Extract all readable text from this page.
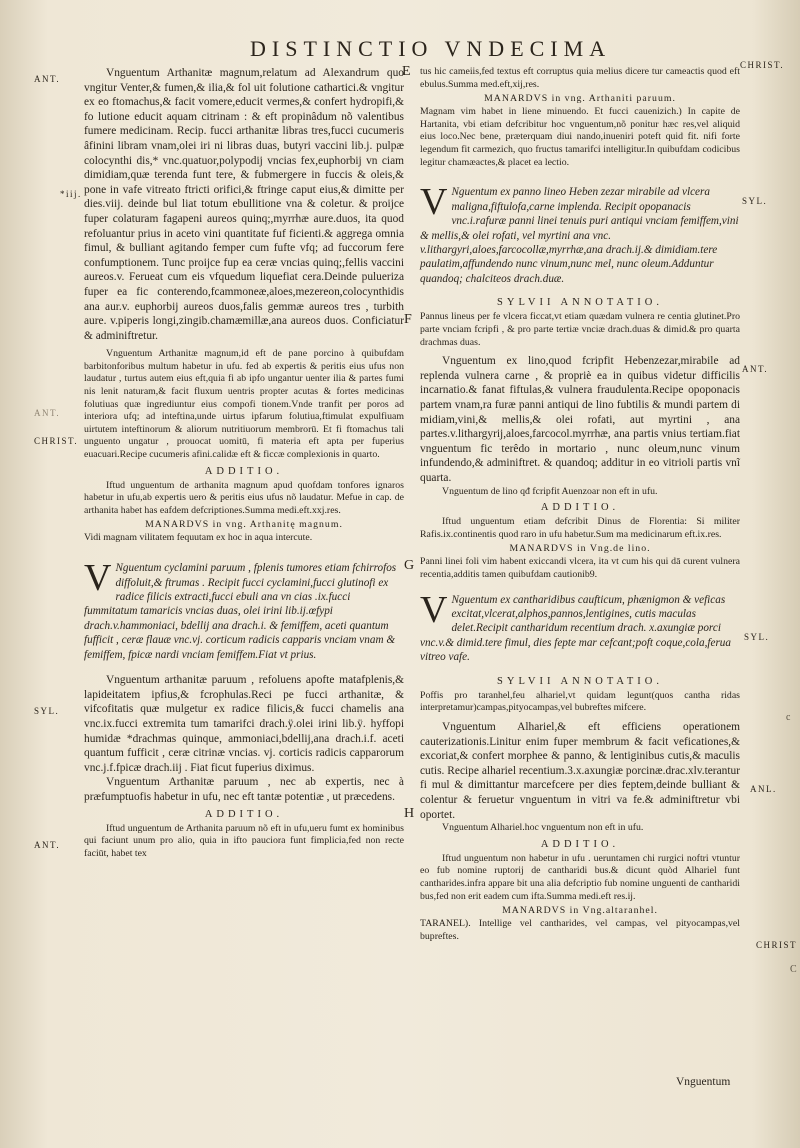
DISTINCTIO VNDECIMA
ANT.
*iij.
ANT.
CHRIST.
SYL.
ANT.
CHRIST.
SYL.
ANT.
SYL.
ANL.
CHRIST
E
F
G
H
c
C

Vnguentum Arthanitæ magnum,relatum ad Alexandrum quo vngitur Venter,& fumen,& ilia,& fol uit folutione cathartici.& vngitur ex eo ftomachus,& facit vomere,educit vermes,& confert hydropifi,& fo lutione educit aquam citrinam : & eft propinâdum nõ valentibus fumere medicinam. Recip. fucci arthanitæ libras tres,fucci cucumeris âfinini libram vnam,olei iri ni libras duas, butyri vaccini lib.j. pulpæ colocynthi dis,* vnc.quatuor,polypodij vncias fex,euphorbij vn ciam dimidiam,quæ terenda funt tere, & fubmergere in fuccis & oleis,& pone in vafe vitreato ftricti orifici,& ftringe caput eius,& dimitte per dies.viij. deinde bul liat totum ebullitione vna & coletur. & proijce fuper colaturam fagapeni aureos quinq;,myrrhæ aure.duos, ita quod refoluantur prius in aceto vini quantitate fuf ficienti.& aggrega omnia fimul, & bulliant agitando femper cum fufte vfq; ad fuccorum fere confumptionem. Tunc proijce fup ea ceræ vncias quinq;,fellis vaccini aureos.v. Ferueat cum eis vfquedum liquefiat cera.Deinde pulueriza fuper ea fic conterendo,fcammoneæ,aloes,mezereon,colocynthidis ana aur.v. euphorbij aureos duos,falis gemmæ aureos tres , turbith aure. v.piperis longi,zingib.chamæmillæ,ana aureos duos. Conficiatur & adminiftretur.

Vnguentum Arthanitæ magnum,id eft de pane porcino à quibufdam barbitonforibus multum habetur in ufu. fed ab expertis & peritis eius ufus non laudatur , turtus autem eius eft,quia fi ab ipfo ungantur uenter ilia & partes fumi nis lenit naturam,& facit fluxum uentris propter acutas & fortes medicinas folutiuas quæ ingrediuntur eius compofi tionem.Vnde tranfit per poros ad interiora ufq; ad inteftina,unde uirtus ipfarum folutiua,ftimulat expulfiuam uirtutem inteftinorum & aliorum nutritiuorum membrorū. Et fi ftomachus tali unguento ungatur , prouocat uomitū, fi materia eft apta per fuperius euacuari.Recipe cucumeris afini.calidæ eft & ficcæ complexionis in quarto.

ADDITIO.

Iftud unguentum de arthanita magnum apud quofdam tonfores ignaros habetur in ufu,ab expertis uero & peritis eius ufus nõ laudatur. Mefue in cap. de arthanita habet has eafdem defcriptiones.Summa medi.eft.xxj.res.

MANARDVS in vng. Arthanitę magnum.

Vidi magnam vilitatem fequutam ex hoc in aqua intercute.

V Nguentum cyclamini paruum , fplenis tumores etiam fchirrofos diffoluit,& ftrumas . Recipit fucci cyclamini,fucci glutinofi ex radice filicis extracti,fucci ebuli ana vn cias .ix.fucci fummitatum tamaricis vncias duas, olei irini lib.ij.œfypi drach.v.hammoniaci, bdellij ana drach.i. & femiffem, aceti quantum fufficit , ceræ flauæ vnc.vj. corticum radicis capparis vnciam vnam & femiffem, fpicæ nardi vnciam femiffem.Fiat vt prius.

Vnguentum arthanitæ paruum , refoluens apofte matafplenis,& lapideitatem ipfius,& fcrophulas.Reci pe fucci arthanitæ, & vifcofitatis quæ mulgetur ex radice filicis,& fucci chamelis ana vnc.ix.fucci extremita tum tamarifci drach.ÿ.olei irini lib.ÿ. hyffopi humidæ *drachmas quinque, ammoniaci,bdellij,ana drach.i.f. aceti quantum fufficit , ceræ citrinæ vncias. vj. corticis radicis capparorum vnc.j.f.fpicæ drach.iij . Fiat ficut fuperius diximus.

Vnguentum Arthanitæ paruum , nec ab expertis, nec à præfumptuofis habetur in ufu, nec eft tantæ potentiæ , ut præcedens.

ADDITIO.

Iftud unguentum de Arthanita paruum nõ eft in ufu,ueru fumt ex hominibus qui faciunt unum pro alio, quia in ifto pauciora funt fimplicia,fed non recte faciūt, habet tex

tus hic cameiis,fed textus eft corruptus quia melius dicere tur cameactis quod eft ebulus.Summa med.eft,xij,res.

MANARDVS in vng. Arthaniti paruum.

Magnam vim habet in liene minuendo. Et fucci cauenizich.) In capite de Hartanita, vbi etiam defcribitur hoc vnguentum,nõ ponitur hæc res,vel aliquid eius loco.Nec bene, præterquam diui nando,inueniri poteft quid fit. nifi forte legendum fit carmezich, quo fructus tamarifci intelligitur.In quibufdam codicibus legitur chamæactes,& placet ea lectio.

V Nguentum ex panno lineo Heben zezar mirabile ad vlcera maligna,fiftulofa,carne implenda. Recipit opopanacis vnc.i.rafuræ panni linei tenuis puri antiqui vnciam femiffem,vini & mellis,& olei rofati, vel myrtini ana vnc. v.lithargyri,aloes,farcocollæ,myrrhæ,ana drach.ij.& dimidiam.tere paulatim,affundendo nunc vinum,nunc mel, nunc oleum.Adduntur quandoq; chalciteos drach.duæ.

SYLVII ANNOTATIO.

Pannus lineus per fe vlcera ficcat,vt etiam quædam vulnera re centia glutinet.Pro parte vnciam fcripfi , & pro parte tertiæ vnciæ drach.duas & dimid.& pro quarta drachmas duas.

Vnguentum ex lino,quod fcripfit Hebenzezar,mirabile ad replenda vulnera carne , & propriè ea in quibus videtur difficilis incarnatio.& fanat fiftulas,& vulnera fraudulenta.Recipe opoponacis partem vnam,ra furæ panni antiqui de lino fubtilis & mundi partem di midiam,vini,& mellis,& olei rofati, aut myrtini , ana partes.v.lithargyrij,aloes,farcocol.myrrhæ, ana partis vnius tertiam.fiat vnguentum fic terêdo in mortario , nunc oleum,nunc vinum infundendo,& adminiftret. & quandoq; additur in eo vitrioli partis vnĩ quarta.

Vnguentum de lino qđ fcripfit Auenzoar non eft in ufu.

ADDITIO.

Iftud unguentum etiam defcribit Dinus de Florentia: Si militer Rafis.ix.continentis quod raro in ufu habetur.Sum ma medicinarum eft.ix.res.

MANARDVS in Vng.de lino.

Panni linei foli vim habent exiccandi vlcera, ita vt cum his qui dā curent vulnera recentia,additis tamen quibufdam cautionib9.

V Nguentum ex cantharidibus caufticum, phænigmon & veficas excitat,vlcerat,alphos,pannos,lentigines, cutis maculas delet.Recipit cantharidum recentium drach. x.axungiæ porci vnc.v.& dimid.tere fimul, dies fepte mar cefcant;poft coque,cola,ferua vitreo vafe.

SYLVII ANNOTATIO.

Poffis pro taranhel,feu alhariel,vt quidam legunt(quos cantha ridas interpretamur)campas,pityocampas,vel bubreftes mifcere.

Vnguentum Alhariel,& eft efficiens operationem cauterizationis.Linitur enim fuper membrum & facit veficationes,& excoriat,& confert morphee & panno, & lentiginibus cutis,& maculis cutis. Recipe alhariel recentium.3.x.axungiæ porcinæ.drac.xlv.terantur fi mul & dimittantur marcefcere per dies feptem,deinde bulliant & colentur & feruetur vnguentum in vitri va fe.& adminiftretur vbi oportet.

Vnguentum Alhariel.hoc vnguentum non eft in ufu.

ADDITIO.

Iftud unguentum non habetur in ufu . ueruntamen chi rurgici noftri vtuntur eo fub nomine ruptorij de cantharidi bus.& dicunt quòd Alhariel funt cantharides.infra appare bit una alia defcriptio fub nomine unguenti de cantharidi bus,fed non erit eadem cum ifta.Summa medi.eft res.ij.

MANARDVS in Vng.altaranhel.

TARANEL). Intellige vel cantharides, vel campas, vel pityocampas,vel bupreftes.

Vnguentum
